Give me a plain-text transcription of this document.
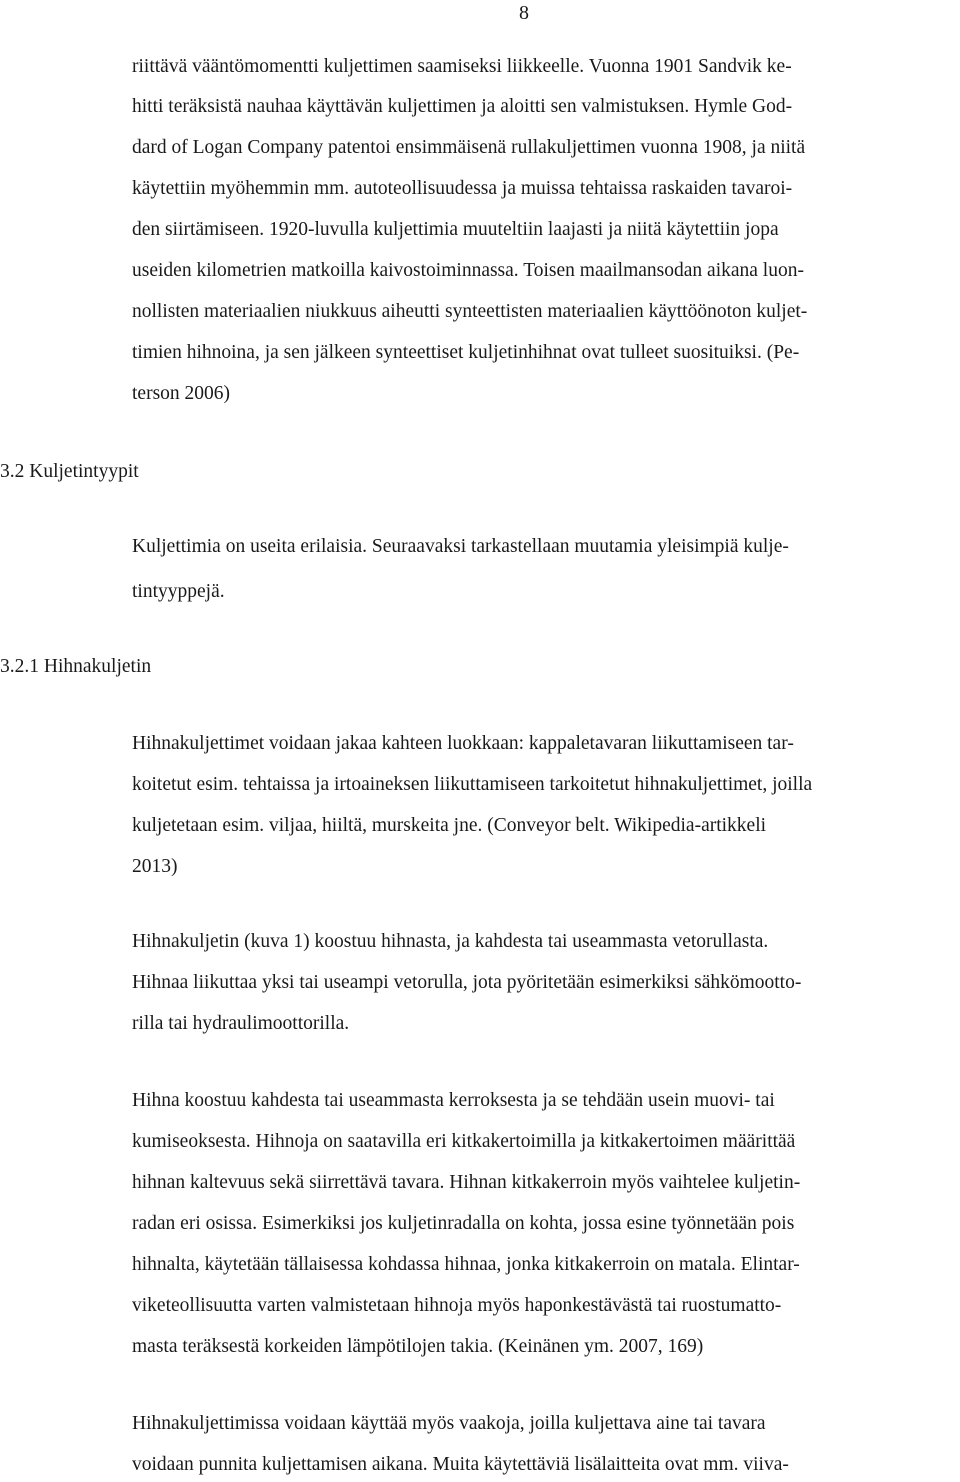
8
riittävä vääntömomentti kuljettimen saamiseksi liikkeelle. Vuonna 1901 Sandvik ke-
hitti teräksistä nauhaa käyttävän kuljettimen ja aloitti sen valmistuksen. Hymle God-
dard of Logan Company patentoi ensimmäisenä rullakuljettimen vuonna 1908, ja niitä
käytettiin myöhemmin mm. autoteollisuudessa ja muissa tehtaissa raskaiden tavaroi-
den siirtämiseen. 1920-luvulla kuljettimia muuteltiin laajasti ja niitä käytettiin jopa
useiden kilometrien matkoilla kaivostoiminnassa. Toisen maailmansodan aikana luon-
nollisten materiaalien niukkuus aiheutti synteettisten materiaalien käyttöönoton kuljet-
timien hihnoina, ja sen jälkeen synteettiset kuljetinhihnat ovat tulleet suosituiksi. (Pe-
terson 2006)
3.2 Kuljetintyypit
Kuljettimia on useita erilaisia. Seuraavaksi tarkastellaan muutamia yleisimpiä kulje-
tintyyppejä.
3.2.1 Hihnakuljetin
Hihnakuljettimet voidaan jakaa kahteen luokkaan: kappaletavaran liikuttamiseen tar-
koitetut esim. tehtaissa ja irtoaineksen liikuttamiseen tarkoitetut hihnakuljettimet, joilla
kuljetetaan esim. viljaa, hiiltä, murskeita jne. (Conveyor belt. Wikipedia-artikkeli
2013)
Hihnakuljetin (kuva 1) koostuu hihnasta, ja kahdesta tai useammasta vetorullasta.
Hihnaa liikuttaa yksi tai useampi vetorulla, jota pyöritetään esimerkiksi sähkömootto-
rilla tai hydraulimoottorilla.
Hihna koostuu kahdesta tai useammasta kerroksesta ja se tehdään usein muovi- tai
kumiseoksesta. Hihnoja on saatavilla eri kitkakertoimilla ja kitkakertoimen määrittää
hihnan kaltevuus sekä siirrettävä tavara. Hihnan kitkakerroin myös vaihtelee kuljetin-
radan eri osissa. Esimerkiksi jos kuljetinradalla on kohta, jossa esine työnnetään pois
hihnalta, käytetään tällaisessa kohdassa hihnaa, jonka kitkakerroin on matala. Elintar-
viketeollisuutta varten valmistetaan hihnoja myös haponkestävästä tai ruostumatto-
masta teräksestä korkeiden lämpötilojen takia. (Keinänen ym. 2007, 169)
Hihnakuljettimissa voidaan käyttää myös vaakoja, joilla kuljettava aine tai tavara
voidaan punnita kuljettamisen aikana. Muita käytettäviä lisälaitteita ovat mm. viiva-
